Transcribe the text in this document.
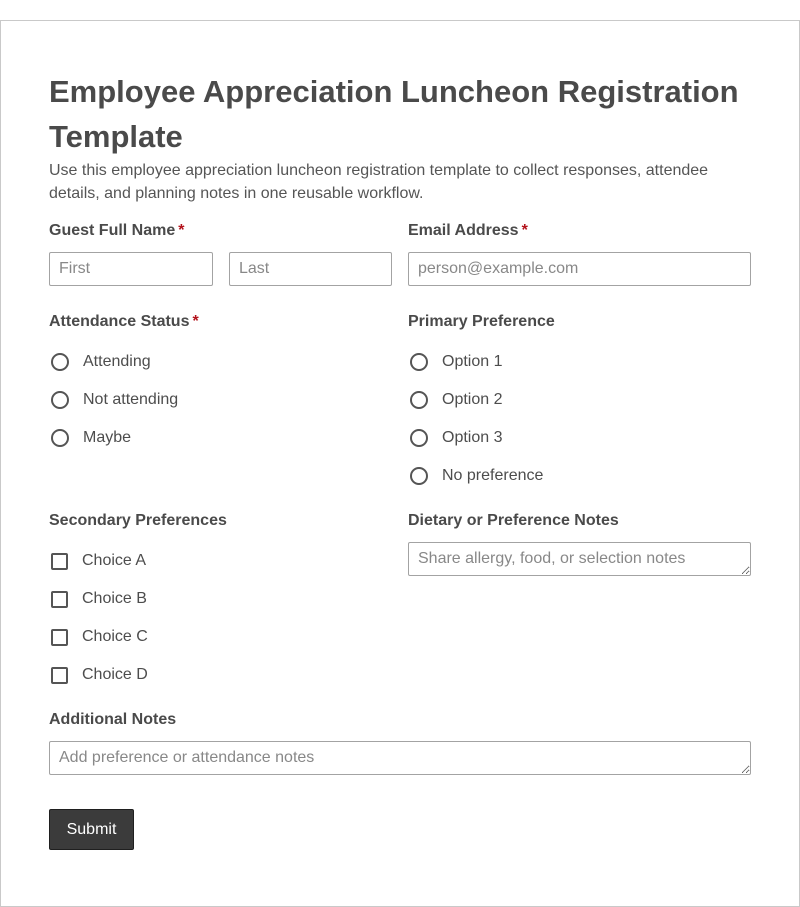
Employee Appreciation Luncheon Registration Template

Use this employee appreciation luncheon registration template to collect responses, attendee details, and planning notes in one reusable workflow.

Guest Full Name *
First
Last	Email Address *
person@example.com
Attendance Status *
Attending
Not attending
Maybe
Primary Preference
Option 1
Option 2
Option 3
No preference
Secondary Preferences
Choice A
Choice B
Choice C
Choice D
Dietary or Preference Notes
Share allergy, food, or selection notes
Additional Notes
Add preference or attendance notes
Submit
